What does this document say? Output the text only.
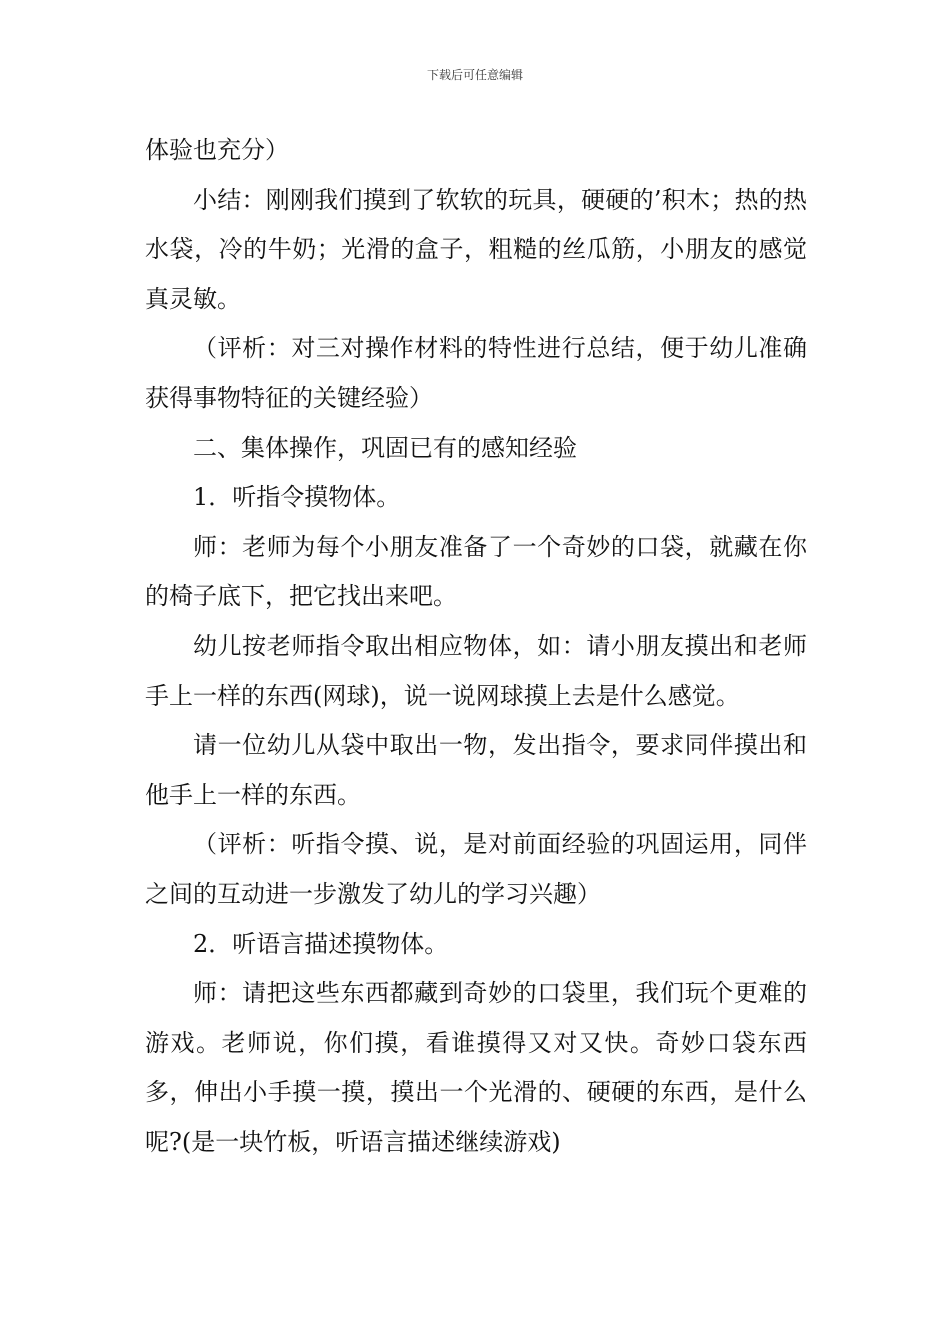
下载后可任意编辑

体验也充分）

小结：刚刚我们摸到了软软的玩具，硬硬的’积木；热的热水袋，冷的牛奶；光滑的盒子，粗糙的丝瓜筋，小朋友的感觉真灵敏。

（评析：对三对操作材料的特性进行总结，便于幼儿准确获得事物特征的关键经验）

二、集体操作，巩固已有的感知经验

1．听指令摸物体。

师：老师为每个小朋友准备了一个奇妙的口袋，就藏在你的椅子底下，把它找出来吧。

幼儿按老师指令取出相应物体，如：请小朋友摸出和老师手上一样的东西(网球)，说一说网球摸上去是什么感觉。

请一位幼儿从袋中取出一物，发出指令，要求同伴摸出和他手上一样的东西。

（评析：听指令摸、说，是对前面经验的巩固运用，同伴之间的互动进一步激发了幼儿的学习兴趣）

2．听语言描述摸物体。

师：请把这些东西都藏到奇妙的口袋里，我们玩个更难的游戏。老师说，你们摸，看谁摸得又对又快。奇妙口袋东西多，伸出小手摸一摸，摸出一个光滑的、硬硬的东西，是什么呢?(是一块竹板，听语言描述继续游戏)
